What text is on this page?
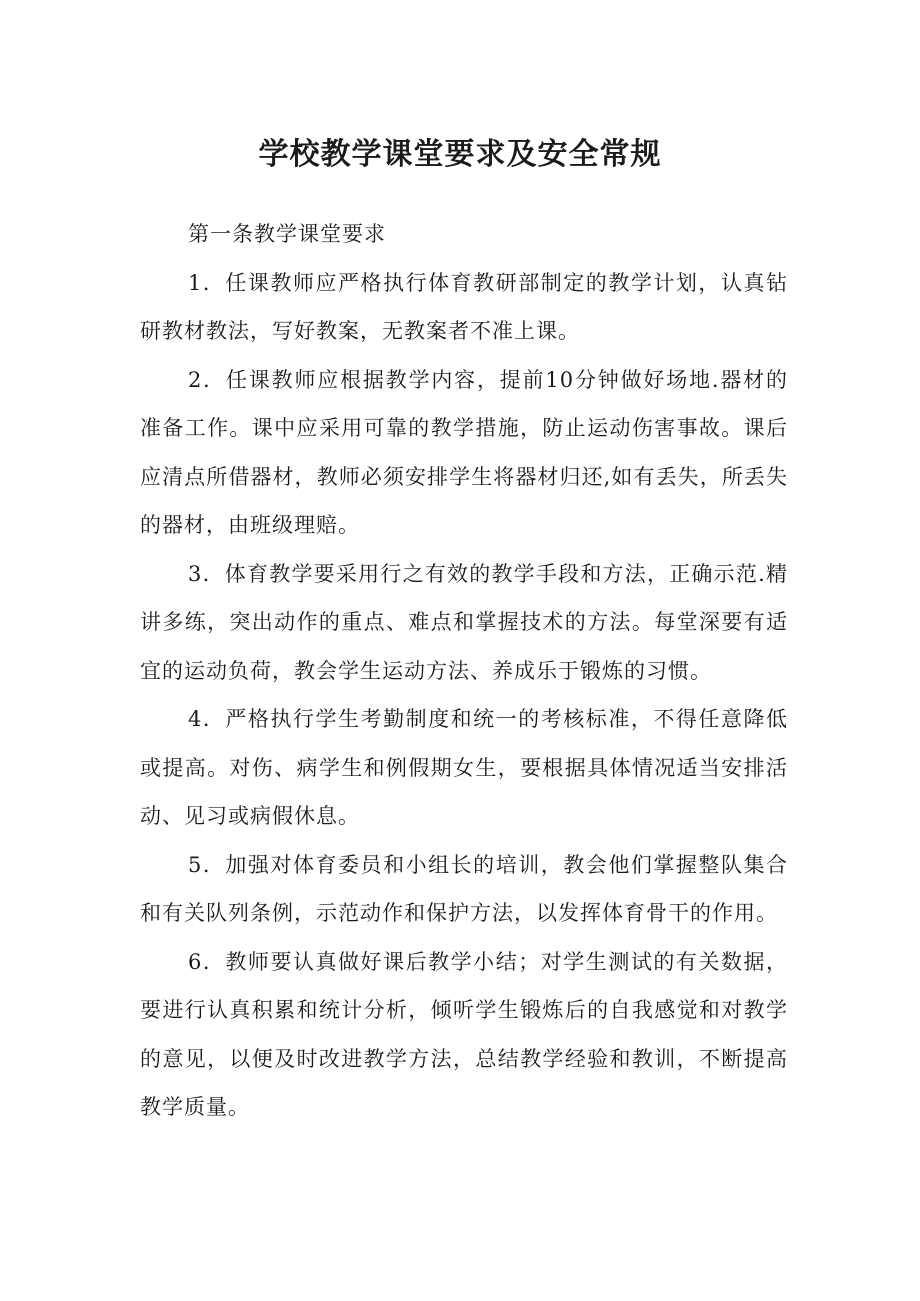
学校教学课堂要求及安全常规

第一条教学课堂要求

1．任课教师应严格执行体育教研部制定的教学计划，认真钻研教材教法，写好教案，无教案者不准上课。

2．任课教师应根据教学内容，提前10分钟做好场地.器材的准备工作。课中应采用可靠的教学措施，防止运动伤害事故。课后应清点所借器材，教师必须安排学生将器材归还,如有丢失，所丢失的器材，由班级理赔。

3．体育教学要采用行之有效的教学手段和方法，正确示范.精讲多练，突出动作的重点、难点和掌握技术的方法。每堂深要有适宜的运动负荷，教会学生运动方法、养成乐于锻炼的习惯。

4．严格执行学生考勤制度和统一的考核标准，不得任意降低或提高。对伤、病学生和例假期女生，要根据具体情况适当安排活动、见习或病假休息。

5．加强对体育委员和小组长的培训，教会他们掌握整队集合和有关队列条例，示范动作和保护方法，以发挥体育骨干的作用。

6．教师要认真做好课后教学小结；对学生测试的有关数据，要进行认真积累和统计分析，倾听学生锻炼后的自我感觉和对教学的意见，以便及时改进教学方法，总结教学经验和教训，不断提高教学质量。
